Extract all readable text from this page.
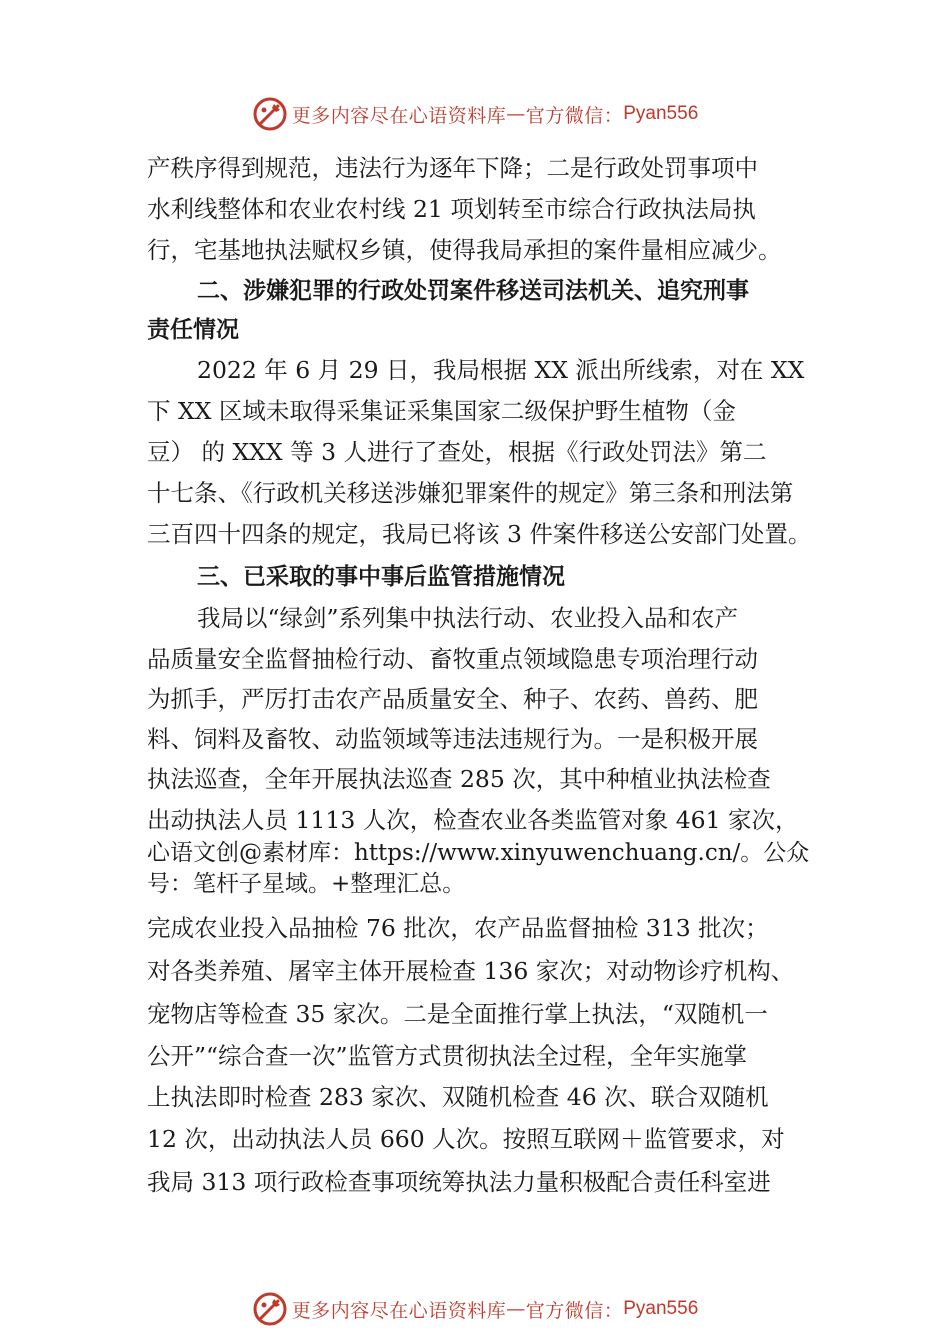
更多内容尽在心语资料库 — 官方微信： Pyan556
产秩序得到规范，违法行为逐年下降；二是行政处罚事项中
水利线整体和农业农村线 21 项划转至市综合行政执法局执
行，宅基地执法赋权乡镇，使得我局承担的案件量相应减少。
二、涉嫌犯罪的行政处罚案件移送司法机关、追究刑事
责任情况
2022 年 6 月 29 日，我局根据 XX 派出所线索，对在 XX
下 XX 区域未取得采集证采集国家二级保护野生植物（金
豆） 的 XXX 等 3 人进行了查处，根据《行政处罚法》第二
十七条、《行政机关移送涉嫌犯罪案件的规定》第三条和刑法第
三百四十四条的规定，我局已将该 3 件案件移送公安部门处置。
三、已采取的事中事后监管措施情况
我局以“绿剑”系列集中执法行动、农业投入品和农产
品质量安全监督抽检行动、畜牧重点领域隐患专项治理行动
为抓手，严厉打击农产品质量安全、种子、农药、兽药、肥
料、饲料及畜牧、动监领域等违法违规行为。一是积极开展
执法巡查，全年开展执法巡查 285 次，其中种植业执法检查
出动执法人员 1113 人次，检查农业各类监管对象 461 家次，
心语文创@素材库：https://www.xinyuwenchuang.cn/。公众
号：笔杆子星域。+整理汇总。
完成农业投入品抽检 76 批次，农产品监督抽检 313 批次；
对各类养殖、屠宰主体开展检查 136 家次；对动物诊疗机构、
宠物店等检查 35 家次。二是全面推行掌上执法，“双随机一
公开”“综合查一次”监管方式贯彻执法全过程，全年实施掌
上执法即时检查 283 家次、双随机检查 46 次、联合双随机
12 次，出动执法人员 660 人次。按照互联网＋监管要求，对
我局 313 项行政检查事项统筹执法力量积极配合责任科室进
更多内容尽在心语资料库 — 官方微信： Pyan556
